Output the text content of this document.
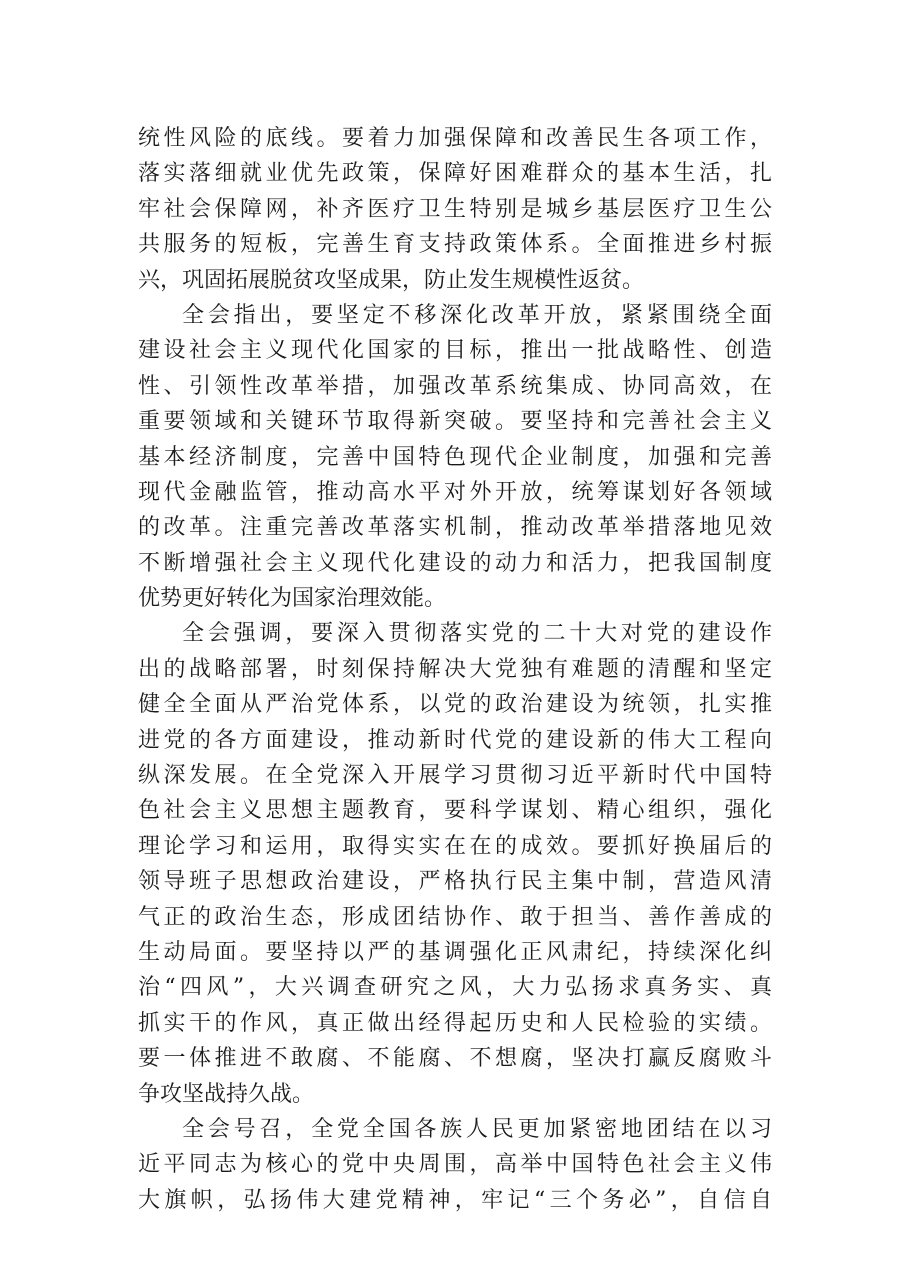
统性风险的底线。要着力加强保障和改善民生各项工作，
落实落细就业优先政策，保障好困难群众的基本生活，扎
牢社会保障网，补齐医疗卫生特别是城乡基层医疗卫生公
共服务的短板，完善生育支持政策体系。全面推进乡村振
兴，巩固拓展脱贫攻坚成果，防止发生规模性返贫。
全会指出，要坚定不移深化改革开放，紧紧围绕全面
建设社会主义现代化国家的目标，推出一批战略性、创造
性、引领性改革举措，加强改革系统集成、协同高效，在
重要领域和关键环节取得新突破。要坚持和完善社会主义
基本经济制度，完善中国特色现代企业制度，加强和完善
现代金融监管，推动高水平对外开放，统筹谋划好各领域
的改革。注重完善改革落实机制，推动改革举措落地见效
不断增强社会主义现代化建设的动力和活力，把我国制度
优势更好转化为国家治理效能。
全会强调，要深入贯彻落实党的二十大对党的建设作
出的战略部署，时刻保持解决大党独有难题的清醒和坚定
健全全面从严治党体系，以党的政治建设为统领，扎实推
进党的各方面建设，推动新时代党的建设新的伟大工程向
纵深发展。在全党深入开展学习贯彻习近平新时代中国特
色社会主义思想主题教育，要科学谋划、精心组织，强化
理论学习和运用，取得实实在在的成效。要抓好换届后的
领导班子思想政治建设，严格执行民主集中制，营造风清
气正的政治生态，形成团结协作、敢于担当、善作善成的
生动局面。要坚持以严的基调强化正风肃纪，持续深化纠
治“四风”，大兴调查研究之风，大力弘扬求真务实、真
抓实干的作风，真正做出经得起历史和人民检验的实绩。
要一体推进不敢腐、不能腐、不想腐，坚决打赢反腐败斗
争攻坚战持久战。
全会号召，全党全国各族人民更加紧密地团结在以习
近平同志为核心的党中央周围，高举中国特色社会主义伟
大旗帜，弘扬伟大建党精神，牢记“三个务必”，自信自
